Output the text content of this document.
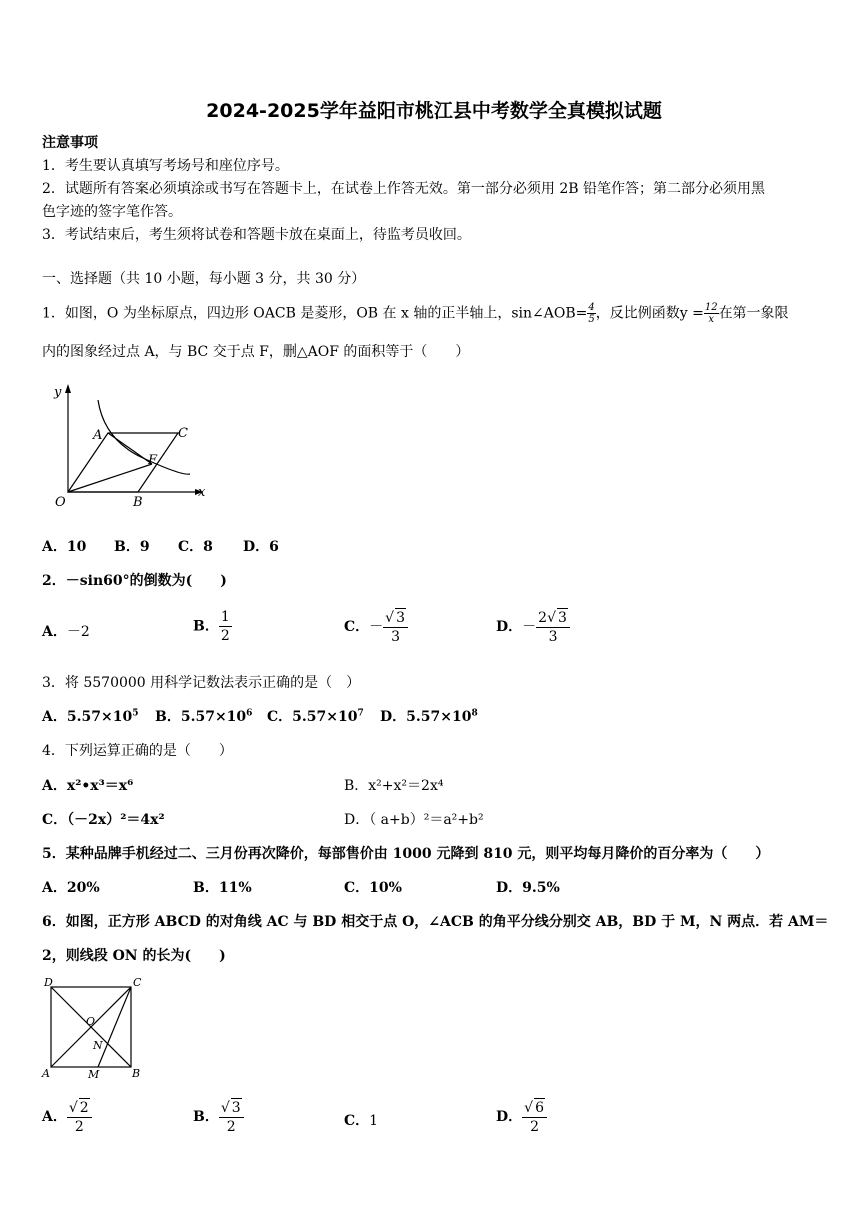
2024-2025学年益阳市桃江县中考数学全真模拟试题
注意事项
1．考生要认真填写考场号和座位序号。
2．试题所有答案必须填涂或书写在答题卡上，在试卷上作答无效。第一部分必须用 2B 铅笔作答；第二部分必须用黑
色字迹的签字笔作答。
3．考试结束后，考生须将试卷和答题卡放在桌面上，待监考员收回。
一、选择题（共 10 小题，每小题 3 分，共 30 分）
1．如图，O 为坐标原点，四边形 OACB 是菱形，OB 在 x 轴的正半轴上，sin∠AOB= $\frac{4}{5}$ ，反比例函数$y = \frac{12}{x}$ 在第一象限
内的图象经过点 A，与 BC 交于点 F，删△AOF 的面积等于（　　）
y
x
O
A
B
C
F
A．10 B．9 C．8 D．6
2．－sin60°的倒数为(　　)
A．－2	B． $\frac{1}{2}$	C．－ $\frac{√ 3}{3}$	D．－ $\frac{2√ 3}{3}$
3．将 5570000 用科学记数法表示正确的是（　）
A．$5.57\times 10^5$ B．$5.57\times 10^6$ C．$5.57\times 10^7$ D．$5.57\times 10^8$
4．下列运算正确的是（　　）
A．x²•x³＝x⁶	B．x²+x²＝2x⁴
C．（－2x）²＝4x²	D．（ a+b）²＝a²+b²
5．某种品牌手机经过二、三月份再次降价，每部售价由 1000 元降到 810 元，则平均每月降价的百分率为（　　）
A．20%	B．11%	C．10%	D．9.5%
6．如图，正方形 ABCD 的对角线 AC 与 BD 相交于点 O，∠ACB 的角平分线分别交 AB，BD 于 M，N 两点．若 AM＝
2，则线段 ON 的长为(　　)
D	C
A	B
O
N
M
A． $\frac{√ 2}{2}$	B． $\frac{√ 3}{2}$	C．1	D． $\frac{√ 6}{2}$
